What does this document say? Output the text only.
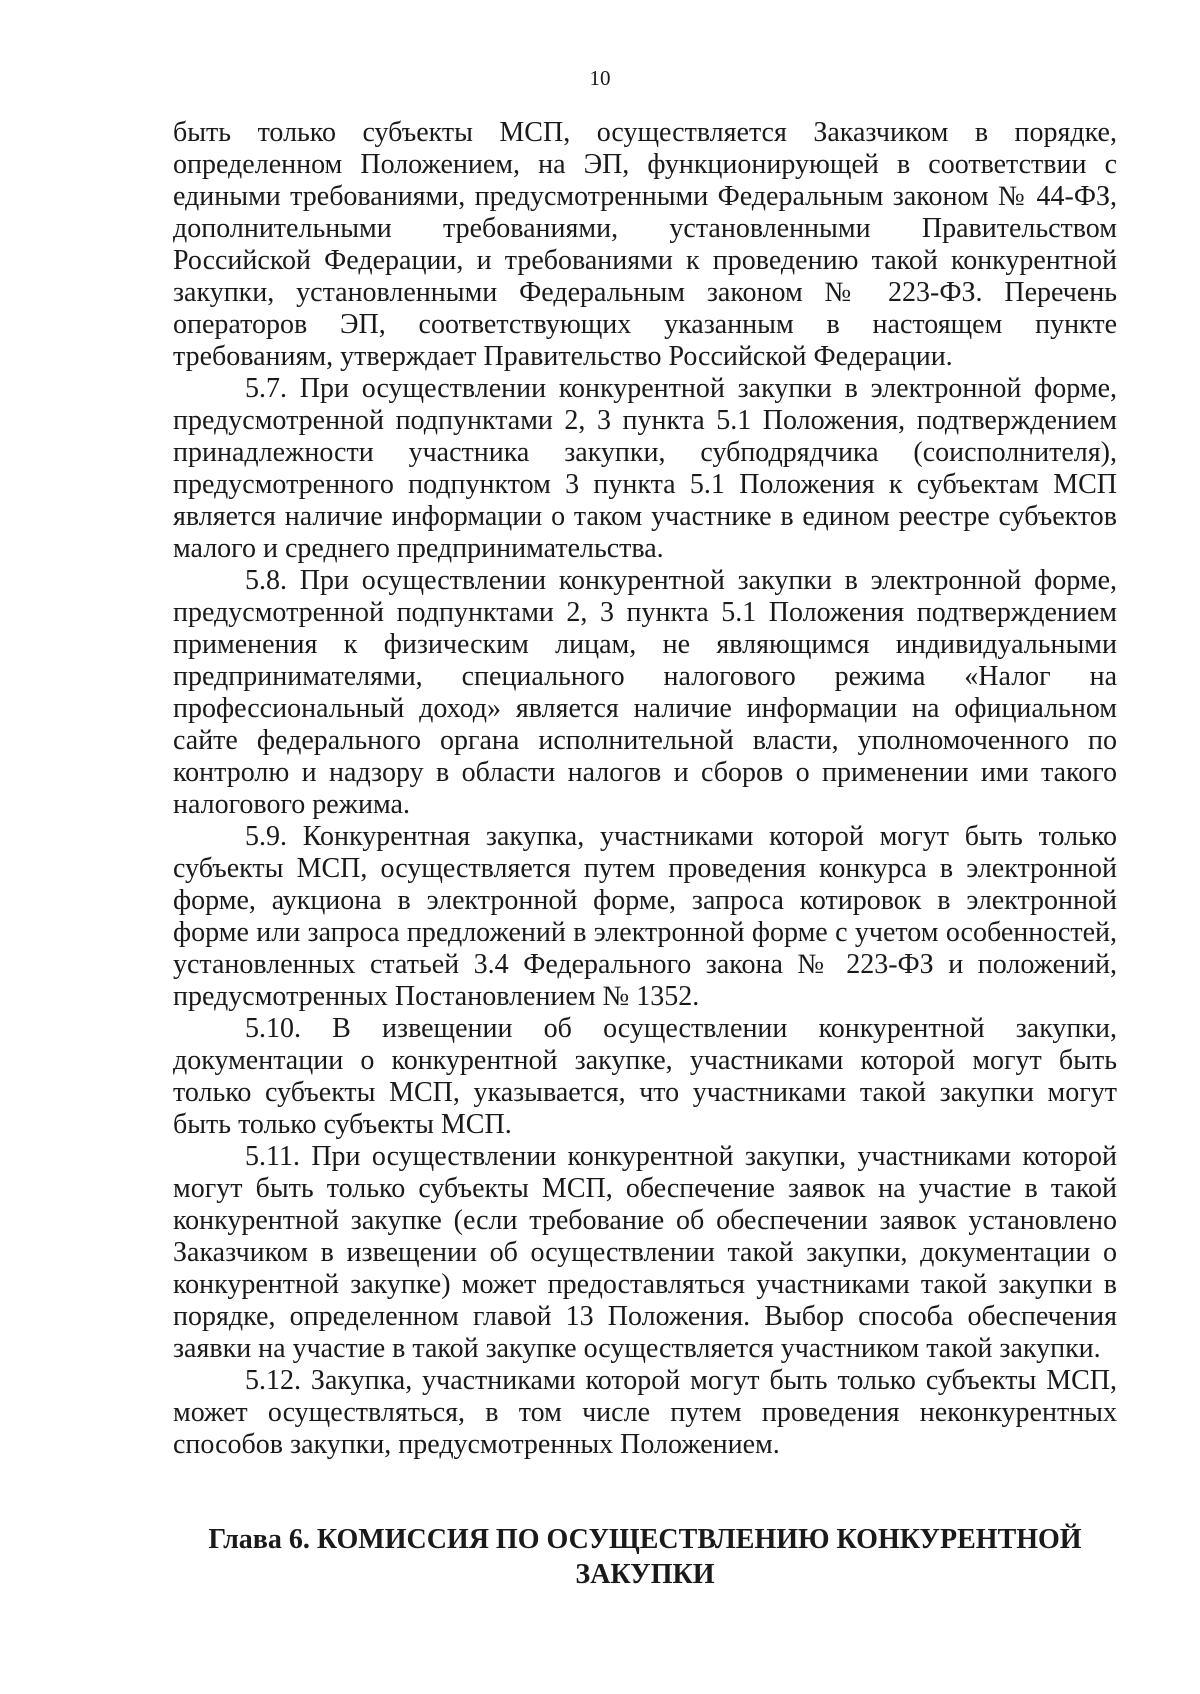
10

быть только субъекты МСП, осуществляется Заказчиком в порядке, определенном Положением, на ЭП, функционирующей в соответствии с едиными требованиями, предусмотренными Федеральным законом № 44-ФЗ, дополнительными требованиями, установленными Правительством Российской Федерации, и требованиями к проведению такой конкурентной закупки, установленными Федеральным законом № 223-ФЗ. Перечень операторов ЭП, соответствующих указанным в настоящем пункте требованиям, утверждает Правительство Российской Федерации.

5.7. При осуществлении конкурентной закупки в электронной форме, предусмотренной подпунктами 2, 3 пункта 5.1 Положения, подтверждением принадлежности участника закупки, субподрядчика (соисполнителя), предусмотренного подпунктом 3 пункта 5.1 Положения к субъектам МСП является наличие информации о таком участнике в едином реестре субъектов малого и среднего предпринимательства.

5.8. При осуществлении конкурентной закупки в электронной форме, предусмотренной подпунктами 2, 3 пункта 5.1 Положения подтверждением применения к физическим лицам, не являющимся индивидуальными предпринимателями, специального налогового режима «Налог на профессиональный доход» является наличие информации на официальном сайте федерального органа исполнительной власти, уполномоченного по контролю и надзору в области налогов и сборов о применении ими такого налогового режима.

5.9. Конкурентная закупка, участниками которой могут быть только субъекты МСП, осуществляется путем проведения конкурса в электронной форме, аукциона в электронной форме, запроса котировок в электронной форме или запроса предложений в электронной форме с учетом особенностей, установленных статьей 3.4 Федерального закона № 223-ФЗ и положений, предусмотренных Постановлением № 1352.

5.10. В извещении об осуществлении конкурентной закупки, документации о конкурентной закупке, участниками которой могут быть только субъекты МСП, указывается, что участниками такой закупки могут быть только субъекты МСП.

5.11. При осуществлении конкурентной закупки, участниками которой могут быть только субъекты МСП, обеспечение заявок на участие в такой конкурентной закупке (если требование об обеспечении заявок установлено Заказчиком в извещении об осуществлении такой закупки, документации о конкурентной закупке) может предоставляться участниками такой закупки в порядке, определенном главой 13 Положения. Выбор способа обеспечения заявки на участие в такой закупке осуществляется участником такой закупки.

5.12. Закупка, участниками которой могут быть только субъекты МСП, может осуществляться, в том числе путем проведения неконкурентных способов закупки, предусмотренных Положением.

Глава 6. КОМИССИЯ ПО ОСУЩЕСТВЛЕНИЮ КОНКУРЕНТНОЙ
ЗАКУПКИ
